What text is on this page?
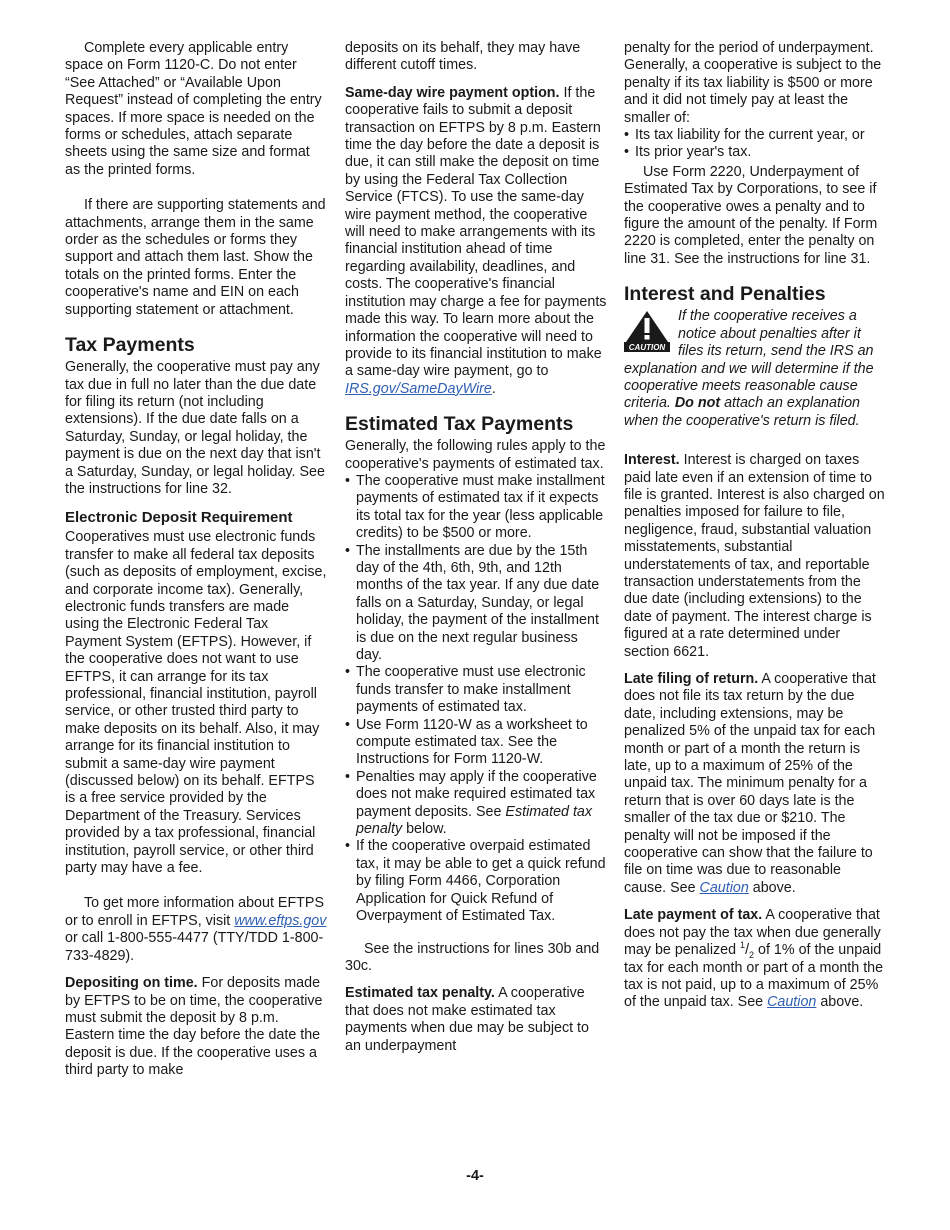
Complete every applicable entry space on Form 1120-C. Do not enter “See Attached” or “Available Upon Request” instead of completing the entry spaces. If more space is needed on the forms or schedules, attach separate sheets using the same size and format as the printed forms.

If there are supporting statements and attachments, arrange them in the same order as the schedules or forms they support and attach them last. Show the totals on the printed forms. Enter the cooperative's name and EIN on each supporting statement or attachment.

Tax Payments

Generally, the cooperative must pay any tax due in full no later than the due date for filing its return (not including extensions). If the due date falls on a Saturday, Sunday, or legal holiday, the payment is due on the next day that isn't a Saturday, Sunday, or legal holiday. See the instructions for line 32.

Electronic Deposit Requirement

Cooperatives must use electronic funds transfer to make all federal tax deposits (such as deposits of employment, excise, and corporate income tax). Generally, electronic funds transfers are made using the Electronic Federal Tax Payment System (EFTPS). However, if the cooperative does not want to use EFTPS, it can arrange for its tax professional, financial institution, payroll service, or other trusted third party to make deposits on its behalf. Also, it may arrange for its financial institution to submit a same-day wire payment (discussed below) on its behalf. EFTPS is a free service provided by the Department of the Treasury. Services provided by a tax professional, financial institution, payroll service, or other third party may have a fee.

To get more information about EFTPS or to enroll in EFTPS, visit www.eftps.gov or call 1-800-555-4477 (TTY/TDD 1-800-733-4829).

Depositing on time. For deposits made by EFTPS to be on time, the cooperative must submit the deposit by 8 p.m. Eastern time the day before the date the deposit is due. If the cooperative uses a third party to make

deposits on its behalf, they may have different cutoff times.

Same-day wire payment option. If the cooperative fails to submit a deposit transaction on EFTPS by 8 p.m. Eastern time the day before the date a deposit is due, it can still make the deposit on time by using the Federal Tax Collection Service (FTCS). To use the same-day wire payment method, the cooperative will need to make arrangements with its financial institution ahead of time regarding availability, deadlines, and costs. The cooperative's financial institution may charge a fee for payments made this way. To learn more about the information the cooperative will need to provide to its financial institution to make a same-day wire payment, go to IRS.gov/SameDayWire.

Estimated Tax Payments

Generally, the following rules apply to the cooperative's payments of estimated tax.

• The cooperative must make installment payments of estimated tax if it expects its total tax for the year (less applicable credits) to be $500 or more.

• The installments are due by the 15th day of the 4th, 6th, 9th, and 12th months of the tax year. If any due date falls on a Saturday, Sunday, or legal holiday, the payment of the installment is due on the next regular business day.

• The cooperative must use electronic funds transfer to make installment payments of estimated tax.

• Use Form 1120-W as a worksheet to compute estimated tax. See the Instructions for Form 1120-W.

• Penalties may apply if the cooperative does not make required estimated tax payment deposits. See Estimated tax penalty below.

• If the cooperative overpaid estimated tax, it may be able to get a quick refund by filing Form 4466, Corporation Application for Quick Refund of Overpayment of Estimated Tax.

See the instructions for lines 30b and 30c.

Estimated tax penalty. A cooperative that does not make estimated tax payments when due may be subject to an underpayment

penalty for the period of underpayment. Generally, a cooperative is subject to the penalty if its tax liability is $500 or more and it did not timely pay at least the smaller of:

• Its tax liability for the current year, or

• Its prior year's tax.

Use Form 2220, Underpayment of Estimated Tax by Corporations, to see if the cooperative owes a penalty and to figure the amount of the penalty. If Form 2220 is completed, enter the penalty on line 31. See the instructions for line 31.

Interest and Penalties
CAUTION
If the cooperative receives a notice about penalties after it files its return, send the IRS an explanation and we will determine if the cooperative meets reasonable cause criteria. Do not attach an explanation when the cooperative's return is filed.

Interest. Interest is charged on taxes paid late even if an extension of time to file is granted. Interest is also charged on penalties imposed for failure to file, negligence, fraud, substantial valuation misstatements, substantial understatements of tax, and reportable transaction understatements from the due date (including extensions) to the date of payment. The interest charge is figured at a rate determined under section 6621.

Late filing of return. A cooperative that does not file its tax return by the due date, including extensions, may be penalized 5% of the unpaid tax for each month or part of a month the return is late, up to a maximum of 25% of the unpaid tax. The minimum penalty for a return that is over 60 days late is the smaller of the tax due or $210. The penalty will not be imposed if the cooperative can show that the failure to file on time was due to reasonable cause. See Caution above.

Late payment of tax. A cooperative that does not pay the tax when due generally may be penalized $^1/_2$ of 1% of the unpaid tax for each month or part of a month the tax is not paid, up to a maximum of 25% of the unpaid tax. See Caution above.

-4-
